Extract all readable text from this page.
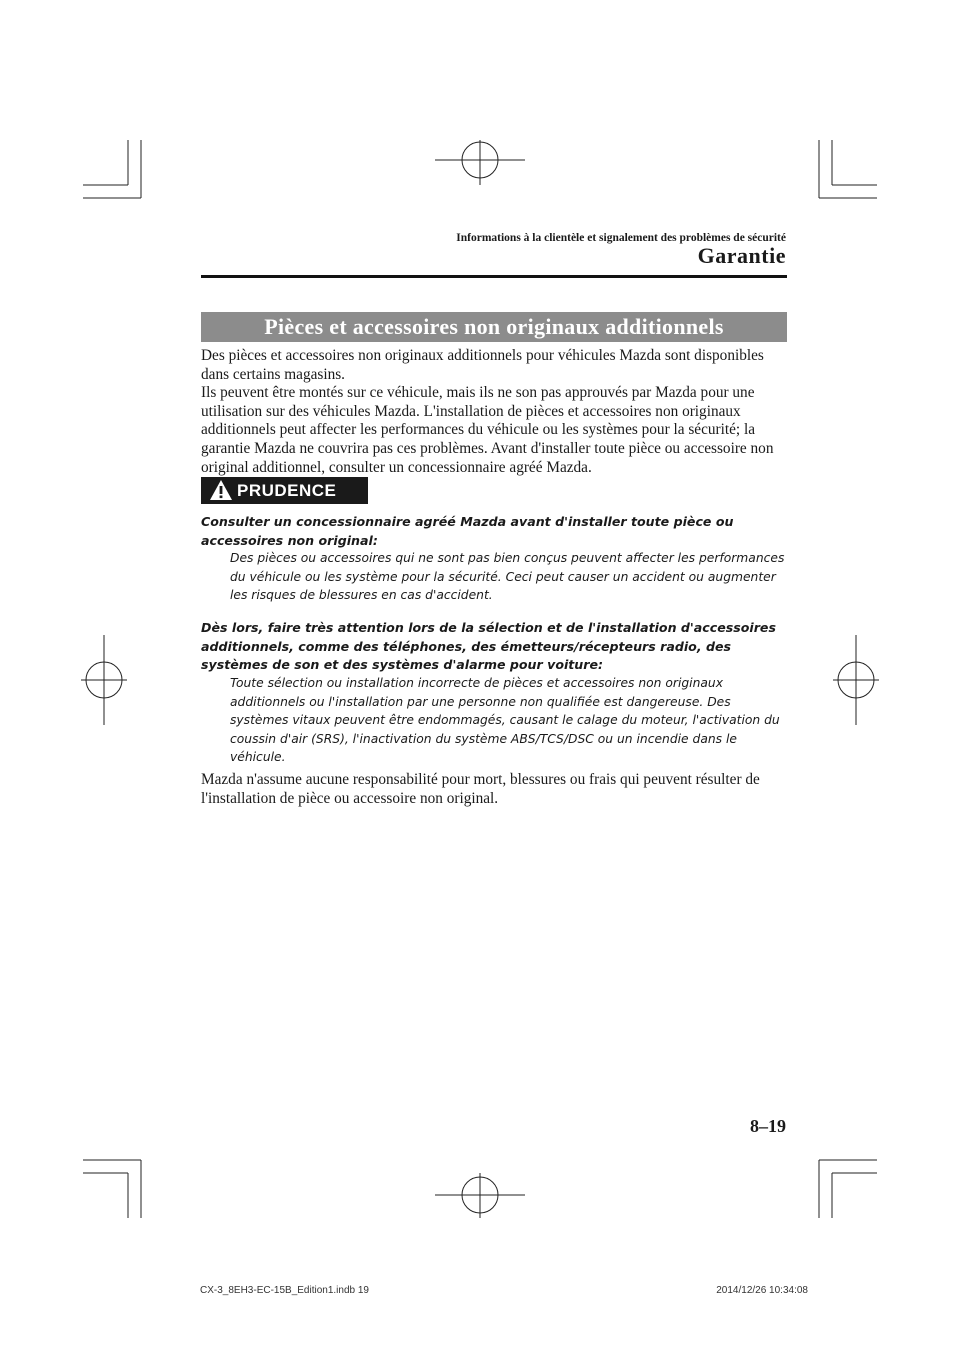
Informations à la clientèle et signalement des problèmes de sécurité
Garantie
Pièces et accessoires non originaux additionnels

Des pièces et accessoires non originaux additionnels pour véhicules Mazda sont disponibles dans certains magasins.
Ils peuvent être montés sur ce véhicule, mais ils ne son pas approuvés par Mazda pour une utilisation sur des véhicules Mazda. L'installation de pièces et accessoires non originaux additionnels peut affecter les performances du véhicule ou les systèmes pour la sécurité; la garantie Mazda ne couvrira pas ces problèmes. Avant d'installer toute pièce ou accessoire non original additionnel, consulter un concessionnaire agréé Mazda.

PRUDENCE

Consulter un concessionnaire agréé Mazda avant d'installer toute pièce ou accessoires non original:

Des pièces ou accessoires qui ne sont pas bien conçus peuvent affecter les performances du véhicule ou les système pour la sécurité. Ceci peut causer un accident ou augmenter les risques de blessures en cas d'accident.

Dès lors, faire très attention lors de la sélection et de l'installation d'accessoires additionnels, comme des téléphones, des émetteurs/récepteurs radio, des systèmes de son et des systèmes d'alarme pour voiture:

Toute sélection ou installation incorrecte de pièces et accessoires non originaux additionnels ou l'installation par une personne non qualifiée est dangereuse. Des systèmes vitaux peuvent être endommagés, causant le calage du moteur, l'activation du coussin d'air (SRS), l'inactivation du système ABS/TCS/DSC ou un incendie dans le véhicule.

Mazda n'assume aucune responsabilité pour mort, blessures ou frais qui peuvent résulter de l'installation de pièce ou accessoire non original.

8–19
CX-3_8EH3-EC-15B_Edition1.indb 19	2014/12/26 10:34:08
